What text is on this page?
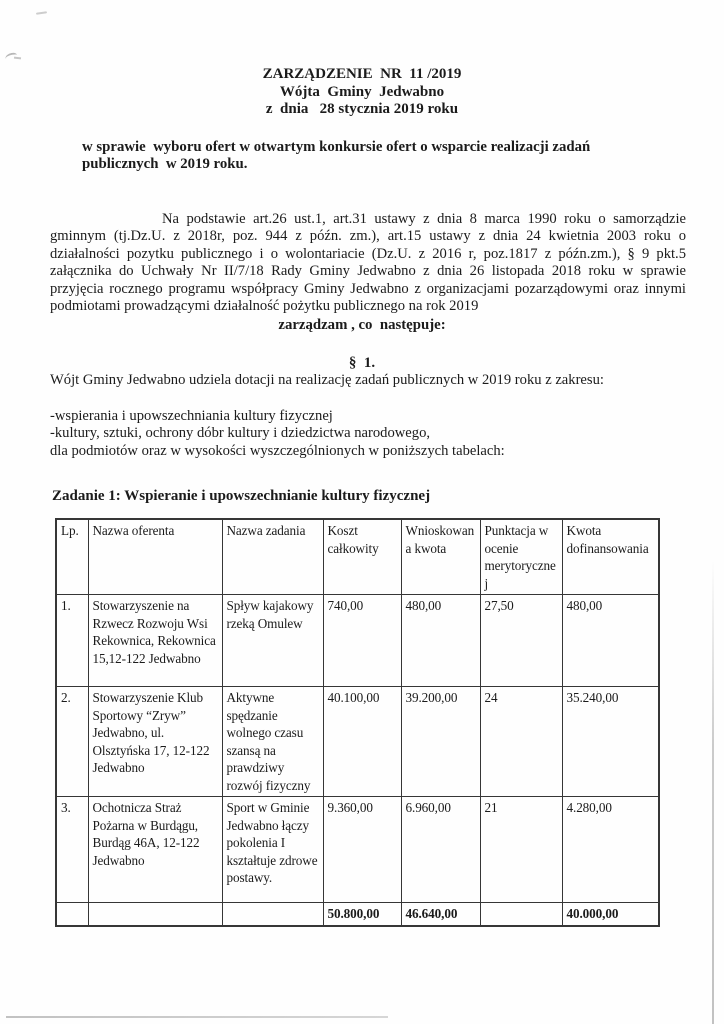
ZARZĄDZENIE  NR  11 /2019
Wójta  Gminy  Jedwabno
z  dnia   28 stycznia 2019 roku
w sprawie  wyboru ofert w otwartym konkursie ofert o wsparcie realizacji zadań publicznych  w 2019 roku.
Na podstawie art.26 ust.1, art.31 ustawy z dnia 8 marca 1990 roku o samorządzie gminnym (tj.Dz.U. z 2018r, poz. 944 z późn. zm.), art.15 ustawy z dnia 24 kwietnia 2003 roku o działalności pozytku publicznego i o wolontariacie (Dz.U. z 2016 r, poz.1817 z późn.zm.), § 9 pkt.5 załącznika do Uchwały Nr II/7/18 Rady Gminy Jedwabno z dnia 26 listopada 2018 roku w sprawie przyjęcia rocznego programu współpracy Gminy Jedwabno z organizacjami pozarządowymi oraz innymi podmiotami prowadzącymi działalność pożytku publicznego na rok 2019
zarządzam , co  następuje:
§  1.
Wójt Gminy Jedwabno udziela dotacji na realizację zadań publicznych w 2019 roku z zakresu:
-wspierania i upowszechniania kultury fizycznej
-kultury, sztuki, ochrony dóbr kultury i dziedzictwa narodowego,
dla podmiotów oraz w wysokości wyszczególnionych w poniższych tabelach:
Zadanie 1: Wspieranie i upowszechnianie kultury fizycznej
Lp.	Nazwa oferenta	Nazwa zadania	Koszt całkowity	Wnioskowana kwota	Punktacja w ocenie merytorycznej	Kwota dofinansowania
1.	Stowarzyszenie na Rzwecz Rozwoju Wsi Rekownica, Rekownica 15,12-122 Jedwabno	Spływ kajakowy rzeką Omulew	740,00	480,00	27,50	480,00
2.	Stowarzyszenie Klub Sportowy “Zryw” Jedwabno, ul. Olsztyńska 17, 12-122 Jedwabno	Aktywne spędzanie wolnego czasu szansą na prawdziwy rozwój fizyczny	40.100,00	39.200,00	24	35.240,00
3.	Ochotnicza Straż Pożarna w Burdągu, Burdąg 46A, 12-122 Jedwabno	Sport w Gminie Jedwabno łączy pokolenia I kształtuje zdrowe postawy.	9.360,00	6.960,00	21	4.280,00
			50.800,00	46.640,00		40.000,00
